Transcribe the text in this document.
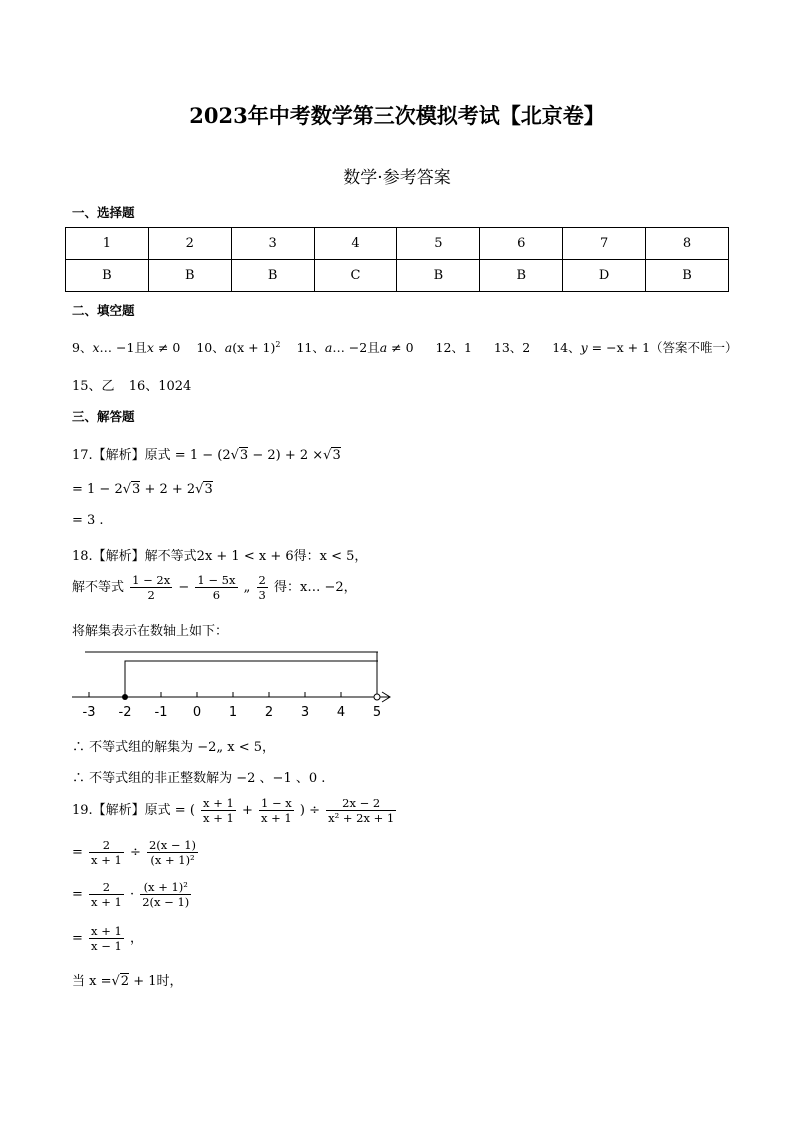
2023年中考数学第三次模拟考试【北京卷】
数学·参考答案
一、选择题
1	2	3	4	5	6	7	8
B	B	B	C	B	B	D	B
二、填空题
9、x… −1且x ≠ 0 10、$a(x + 1)^2$ 11、a… −2且a ≠ 0 12、1 13、2 14、y = −x + 1（答案不唯一）
15、乙 16、1024
三、解答题
17.【解析】原式 = 1 − (2√3 − 2) + 2 ×√3
= 1 − 2√3 + 2 + 2√3
= 3 .
18.【解析】解不等式2x + 1 < x + 6得：x < 5，
解不等式 $\frac{1 - 2x}{2} - \frac{1 - 5x}{6}$ „ $\frac{2}{3}$ 得：x… −2，
将解集表示在数轴上如下：
-3 -2 -1 0 1 2 3 4 5
∴ 不等式组的解集为 −2„ x < 5，
∴ 不等式组的非正整数解为 −2 、−1 、0 .
19.【解析】原式 = ( $\frac{x + 1}{x + 1} + \frac{1 - x}{x + 1}$ ) ÷ $\frac{2x - 2}{\text{x² + 2x + 1}}$
= $\frac{2}{x + 1} \div \frac{2(x - 1)}{\text{(x + 1)²}}$
= $\frac{2}{x + 1} \cdot \frac{\text{(x + 1)²}}{2(x - 1)}$
= $\frac{x + 1}{x - 1}$ ，
当 x =√2 + 1时，
